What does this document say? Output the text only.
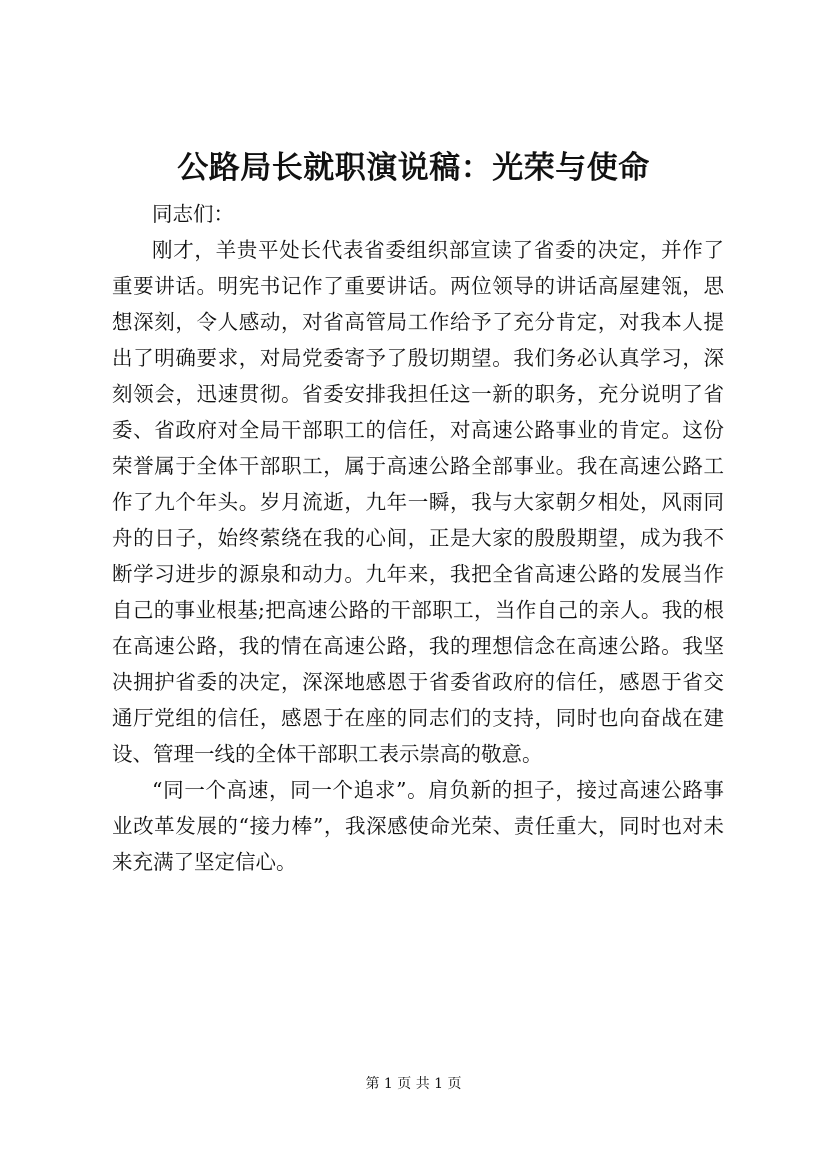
公路局长就职演说稿：光荣与使命

同志们：

刚才，羊贵平处长代表省委组织部宣读了省委的决定，并作了重要讲话。明宪书记作了重要讲话。两位领导的讲话高屋建瓴，思想深刻，令人感动，对省高管局工作给予了充分肯定，对我本人提出了明确要求，对局党委寄予了殷切期望。我们务必认真学习，深刻领会，迅速贯彻。省委安排我担任这一新的职务，充分说明了省委、省政府对全局干部职工的信任，对高速公路事业的肯定。这份荣誉属于全体干部职工，属于高速公路全部事业。我在高速公路工作了九个年头。岁月流逝，九年一瞬，我与大家朝夕相处，风雨同舟的日子，始终萦绕在我的心间，正是大家的殷殷期望，成为我不断学习进步的源泉和动力。九年来，我把全省高速公路的发展当作自己的事业根基;把高速公路的干部职工，当作自己的亲人。我的根在高速公路，我的情在高速公路，我的理想信念在高速公路。我坚决拥护省委的决定，深深地感恩于省委省政府的信任，感恩于省交通厅党组的信任，感恩于在座的同志们的支持，同时也向奋战在建设、管理一线的全体干部职工表示崇高的敬意。

“同一个高速，同一个追求”。肩负新的担子，接过高速公路事业改革发展的“接力棒”，我深感使命光荣、责任重大，同时也对未来充满了坚定信心。

第 1 页 共 1 页
